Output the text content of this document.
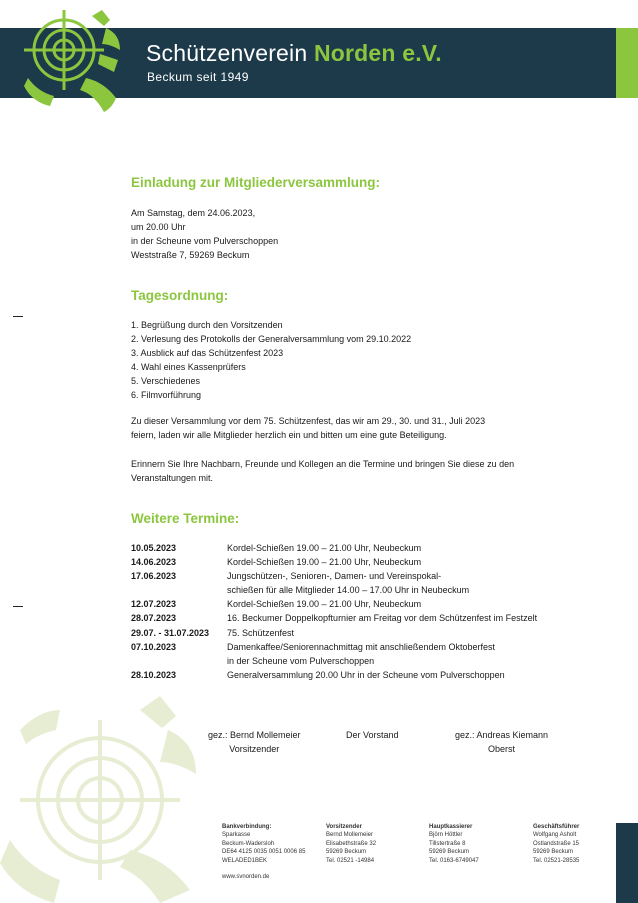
Schützenverein Norden e.V.
Beckum seit 1949
Einladung zur Mitgliederversammlung:
Am Samstag, dem 24.06.2023,
um 20.00 Uhr
in der Scheune vom Pulverschoppen
Weststraße 7, 59269 Beckum
Tagesordnung:
1. Begrüßung durch den Vorsitzenden
2. Verlesung des Protokolls der Generalversammlung vom 29.10.2022
3. Ausblick auf das Schützenfest 2023
4. Wahl eines Kassenprüfers
5. Verschiedenes
6. Filmvorführung
Zu dieser Versammlung vor dem 75. Schützenfest, das wir am 29., 30. und 31., Juli 2023
feiern, laden wir alle Mitglieder herzlich ein und bitten um eine gute Beteiligung.
Erinnern Sie Ihre Nachbarn, Freunde und Kollegen an die Termine und bringen Sie diese zu den
Veranstaltungen mit.
Weitere Termine:
10.05.2023	Kordel-Schießen 19.00 – 21.00 Uhr, Neubeckum
14.06.2023	Kordel-Schießen 19.00 – 21.00 Uhr, Neubeckum
17.06.2023	Jungschützen-, Senioren-, Damen- und Vereinspokal-
schießen für alle Mitglieder 14.00 – 17.00 Uhr in Neubeckum
12.07.2023	Kordel-Schießen 19.00 – 21.00 Uhr, Neubeckum
28.07.2023	16. Beckumer Doppelkopfturnier am Freitag vor dem Schützenfest im Festzelt
29.07. - 31.07.2023 75. Schützenfest
07.10.2023	Damenkaffee/Seniorennachmittag mit anschließendem Oktoberfest
in der Scheune vom Pulverschoppen
28.10.2023	Generalversammlung 20.00 Uhr in der Scheune vom Pulverschoppen
gez.: Bernd Mollemeier
Vorsitzender
Der Vorstand	gez.: Andreas Kiemann
Oberst
Bankverbindung:
Sparkasse
Beckum-Wadersloh
DE64 4125 0035 0051 0006 85
WELADED1BEK
Vorsitzender
Bernd Mollemeier
Elisabethstraße 32
59269 Beckum
Tel. 02521 -14984
Hauptkassierer
Björn Höttler
Tillstertraße 8
59269 Beckum
Tel. 0163-6749047
Geschäftsführer
Wolfgang Asholt
Ostlandstraße 15
59269 Beckum
Tel. 02521-28535
www.svnorden.de
